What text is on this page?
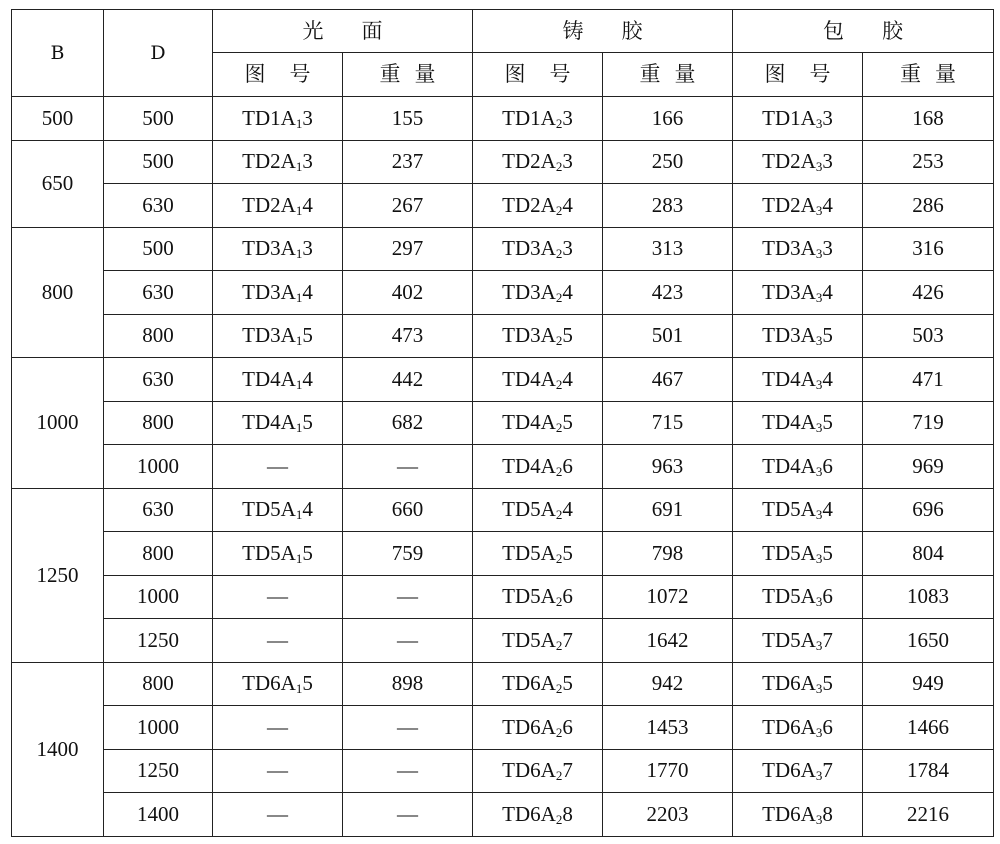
B	D	光面		铸胶		包胶	
		图号	重量	图号	重量	图号	重量
500	500	$TD1A_13$	155	$TD1A_23$	166	$TD1A_33$	168
650	500	$TD2A_13$	237	$TD2A_23$	250	$TD2A_33$	253
	630	$TD2A_14$	267	$TD2A_24$	283	$TD2A_34$	286
800	500	$TD3A_13$	297	$TD3A_23$	313	$TD3A_33$	316
	630	$TD3A_14$	402	$TD3A_24$	423	$TD3A_34$	426
	800	$TD3A_15$	473	$TD3A_25$	501	$TD3A_35$	503
1000	630	$TD4A_14$	442	$TD4A_24$	467	$TD4A_34$	471
	800	$TD4A_15$	682	$TD4A_25$	715	$TD4A_35$	719
	1000	—	—	$TD4A_26$	963	$TD4A_36$	969
1250	630	$TD5A_14$	660	$TD5A_24$	691	$TD5A_34$	696
	800	$TD5A_15$	759	$TD5A_25$	798	$TD5A_35$	804
	1000	—	—	$TD5A_26$	1072	$TD5A_36$	1083
	1250	—	—	$TD5A_27$	1642	$TD5A_37$	1650
1400	800	$TD6A_15$	898	$TD6A_25$	942	$TD6A_35$	949
	1000	—	—	$TD6A_26$	1453	$TD6A_36$	1466
	1250	—	—	$TD6A_27$	1770	$TD6A_37$	1784
	1400	—	—	$TD6A_28$	2203	$TD6A_38$	2216
